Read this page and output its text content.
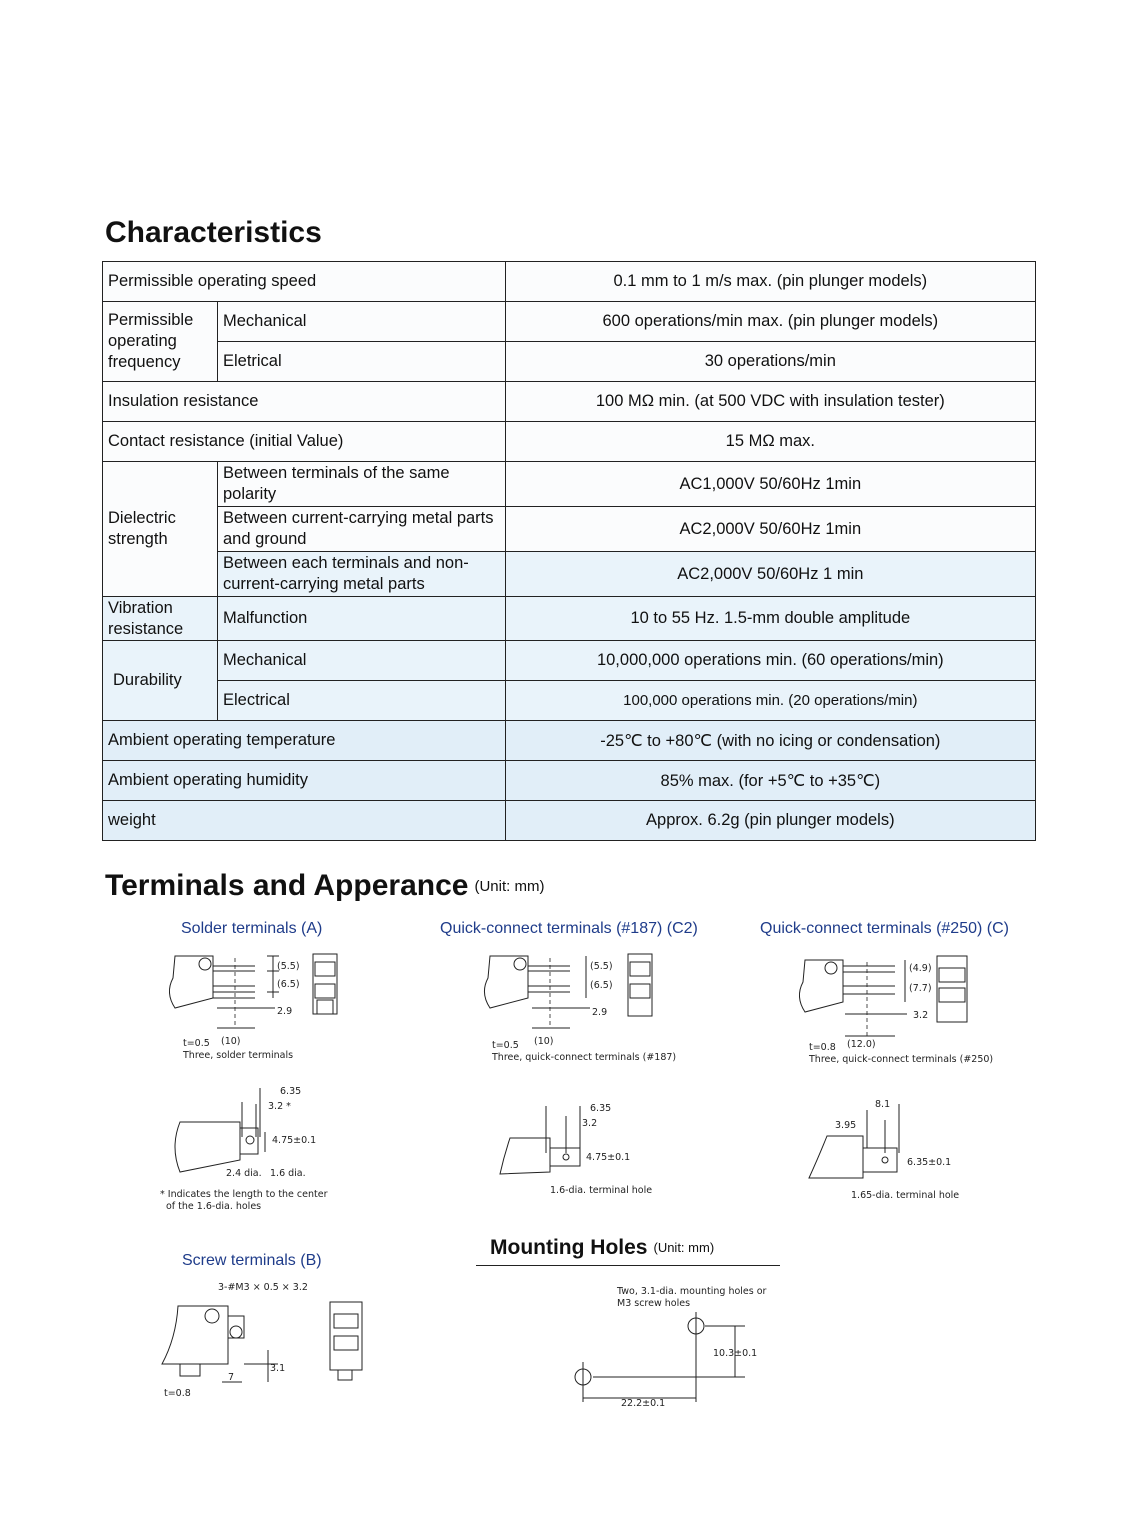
Characteristics
Permissible operating speed		0.1 mm to 1 m/s max. (pin plunger models)
Permissible operating frequency	Mechanical	600 operations/min max. (pin plunger models)
	Eletrical	30 operations/min
Insulation resistance		100 MΩ min. (at 500 VDC with insulation tester)
Contact resistance (initial Value)		15 MΩ max.
Dielectric strength	Between terminals of the same polarity	AC1,000V 50/60Hz 1min
	Between current-carrying metal parts and ground	AC2,000V 50/60Hz 1min
	Between each terminals and non-current-carrying metal parts	AC2,000V 50/60Hz 1 min
Vibration resistance	Malfunction	10 to 55 Hz. 1.5-mm double amplitude
Durability	Mechanical	10,000,000 operations min. (60 operations/min)
	Electrical	100,000 operations min. (20 operations/min)
Ambient operating temperature		-25℃ to +80℃ (with no icing or condensation)
Ambient operating humidity		85% max. (for +5℃ to +35℃)
weight		Approx. 6.2g (pin plunger models)
Terminals and Apperance (Unit: mm)
Solder terminals (A)	Quick-connect terminals (#187) (C2)	Quick-connect terminals (#250) (C)
Screw terminals (B)
(5.5)
(6.5)
2.9
(10)
t=0.5
Three, solder terminals
6.35
3.2 *
4.75±0.1
2.4 dia. 1.6 dia.
* Indicates the length to the center
of the 1.6-dia. holes
(5.5)
(6.5)
2.9
(10)
t=0.5
Three, quick-connect terminals (#187)
6.35
3.2
4.75±0.1
1.6-dia. terminal hole
(4.9)
(7.7)
3.2
(12.0)
t=0.8
Three, quick-connect terminals (#250)
8.1
3.95
6.35±0.1
1.65-dia. terminal hole
3-#M3 × 0.5 × 3.2
3.1
7
t=0.8
Mounting Holes (Unit: mm)
Two, 3.1-dia. mounting holes or
M3 screw holes
10.3±0.1
22.2±0.1
